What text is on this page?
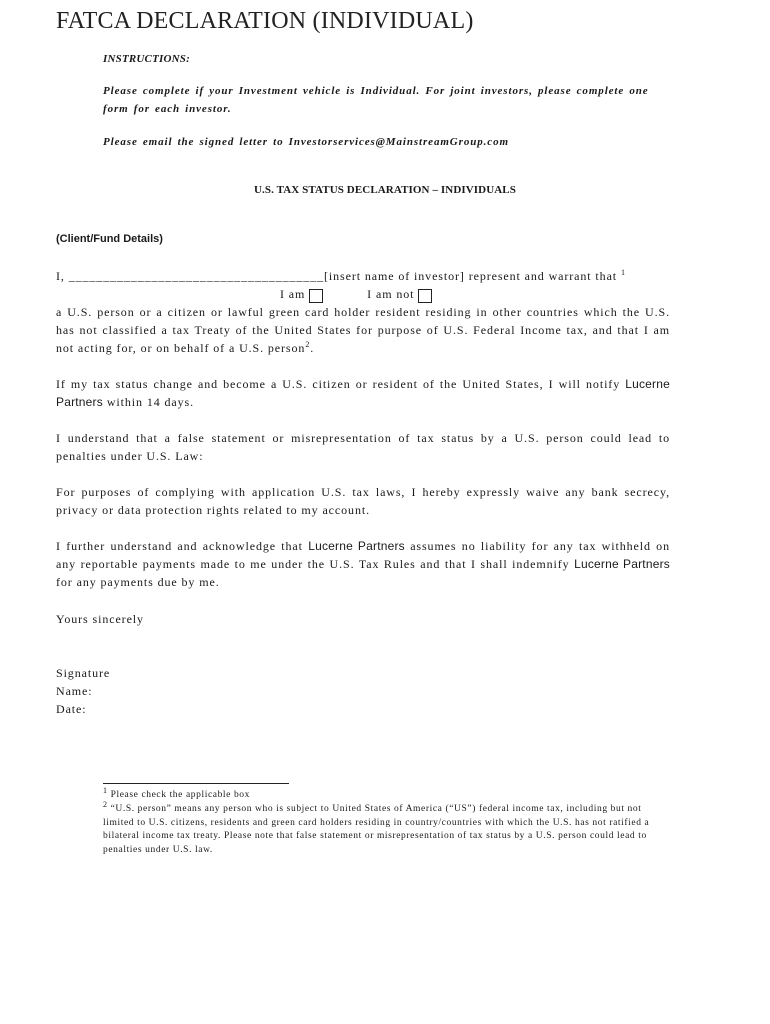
FATCA DECLARATION (INDIVIDUAL)
INSTRUCTIONS:
Please complete if your Investment vehicle is Individual. For joint investors, please complete one form for each investor.
Please email the signed letter to Investorservices@MainstreamGroup.com
U.S. TAX STATUS DECLARATION – INDIVIDUALS
(Client/Fund Details)
I, _____________________________________[insert name of investor] represent and warrant that $^1$
I am	I am not
a U.S. person or a citizen or lawful green card holder resident residing in other countries which the U.S. has not classified a tax Treaty of the United States for purpose of U.S. Federal Income tax, and that I am not acting for, or on behalf of a U.S. person$^2$.
If my tax status change and become a U.S. citizen or resident of the United States, I will notify Lucerne Partners within 14 days.
I understand that a false statement or misrepresentation of tax status by a U.S. person could lead to penalties under U.S. Law:
For purposes of complying with application U.S. tax laws, I hereby expressly waive any bank secrecy, privacy or data protection rights related to my account.
I further understand and acknowledge that Lucerne Partners assumes no liability for any tax withheld on any reportable payments made to me under the U.S. Tax Rules and that I shall indemnify Lucerne Partners for any payments due by me.
Yours sincerely
Signature
Name:
Date:
$^1$ Please check the applicable box
$^2$ “U.S. person” means any person who is subject to United States of America (“US”) federal income tax, including but not limited to U.S. citizens, residents and green card holders residing in country/countries with which the U.S. has not ratified a bilateral income tax treaty. Please note that false statement or misrepresentation of tax status by a U.S. person could lead to penalties under U.S. law.
